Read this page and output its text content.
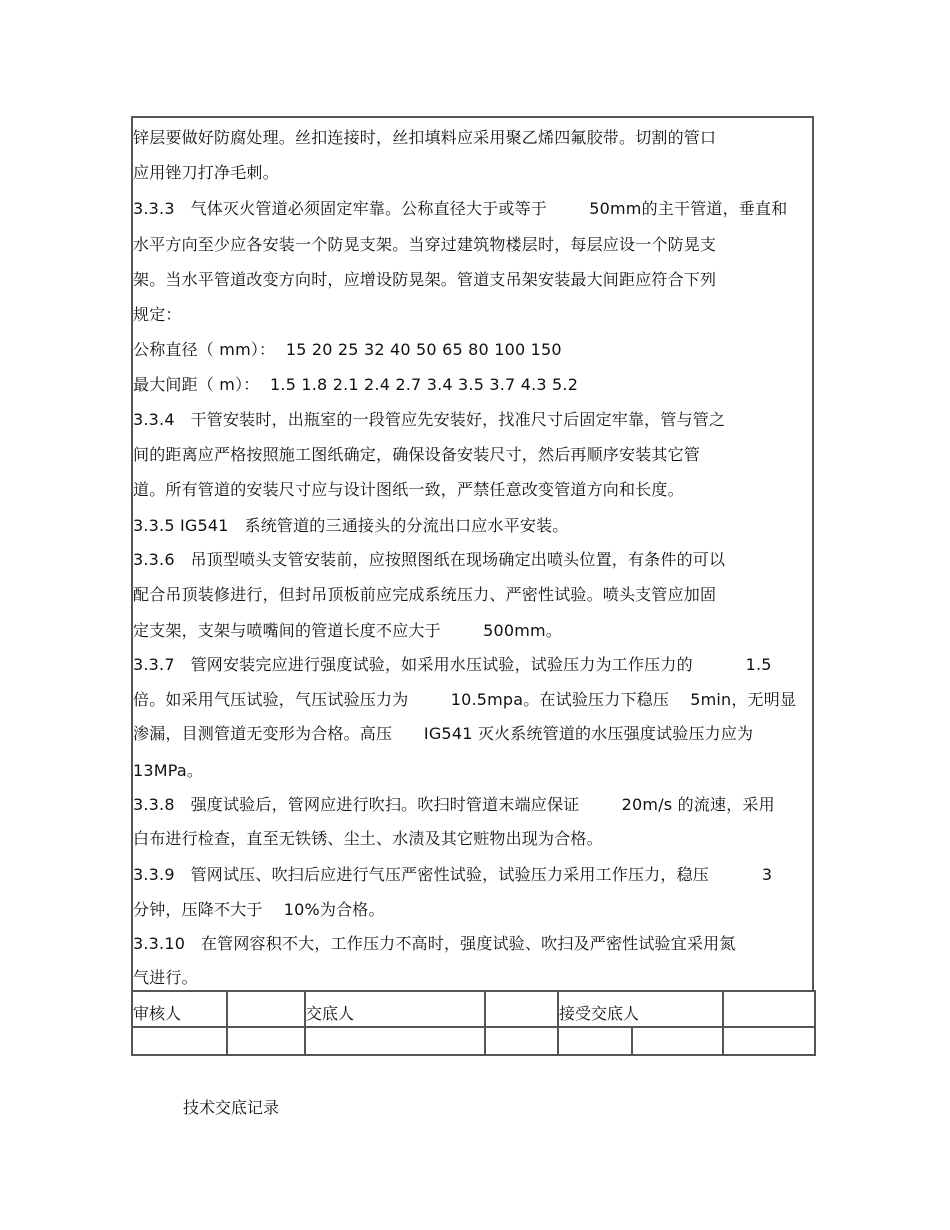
锌层要做好防腐处理。丝扣连接时，丝扣填料应采用聚乙烯四氟胶带。切割的管口
应用锉刀打净毛刺。
3.3.3   气体灭火管道必须固定牢靠。公称直径大于或等于        50mm的主干管道，垂直和
水平方向至少应各安装一个防晃支架。当穿过建筑物楼层时，每层应设一个防晃支
架。当水平管道改变方向时，应增设防晃架。管道支吊架安装最大间距应符合下列
规定：
公称直径（ mm）：  15 20 25 32 40 50 65 80 100 150
最大间距（ m）：  1.5 1.8 2.1 2.4 2.7 3.4 3.5 3.7 4.3 5.2
3.3.4   干管安装时，出瓶室的一段管应先安装好，找准尺寸后固定牢靠，管与管之
间的距离应严格按照施工图纸确定，确保设备安装尺寸，然后再顺序安装其它管
道。所有管道的安装尺寸应与设计图纸一致，严禁任意改变管道方向和长度。
3.3.5 IG541   系统管道的三通接头的分流出口应水平安装。
3.3.6   吊顶型喷头支管安装前，应按照图纸在现场确定出喷头位置，有条件的可以
配合吊顶装修进行，但封吊顶板前应完成系统压力、严密性试验。喷头支管应加固
定支架，支架与喷嘴间的管道长度不应大于        500mm。
3.3.7   管网安装完应进行强度试验，如采用水压试验，试验压力为工作压力的          1.5
倍。如采用气压试验，气压试验压力为        10.5mpa。在试验压力下稳压    5min，无明显
渗漏，目测管道无变形为合格。高压      IG541 灭火系统管道的水压强度试验压力应为
13MPa。
3.3.8   强度试验后，管网应进行吹扫。吹扫时管道末端应保证        20m/s 的流速，采用
白布进行检查，直至无铁锈、尘土、水渍及其它赃物出现为合格。
3.3.9   管网试压、吹扫后应进行气压严密性试验，试验压力采用工作压力，稳压          3
分钟，压降不大于    10%为合格。
3.3.10   在管网容积不大，工作压力不高时，强度试验、吹扫及严密性试验宜采用氮
气进行。
审核人		交底人		接受交底人		

技术交底记录
